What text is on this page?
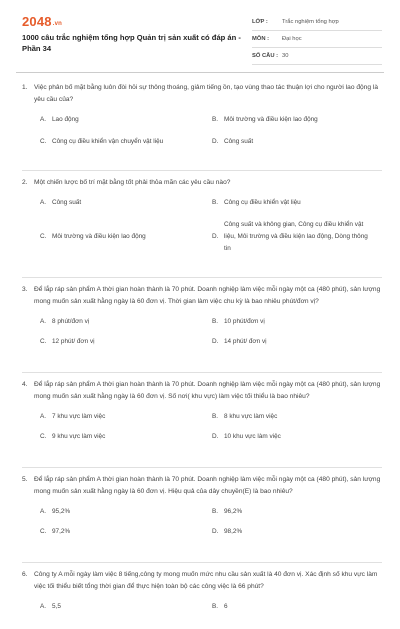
2048.vn
1000 câu trắc nghiệm tổng hợp Quản trị sản xuất có đáp án - Phần 34
LỚP :	Trắc nghiệm tổng hợp
MÔN :	Đại học
SỐ CÂU : 30
1. Việc phân bố mặt bằng luôn đòi hỏi sự thông thoáng, giảm tiếng ồn, tạo vùng thao tác thuận lợi cho người lao động là yêu cầu của?
A. Lao động	B. Môi trường và điều kiện lao động
C. Công cụ điều khiển vận chuyển vật liệu	D. Công suất
2. Một chiến lược bố trí mặt bằng tốt phải thỏa mãn các yêu cầu nào?
A. Công suất	B. Công cụ điều khiển vật liệu
C. Môi trường và điều kiện lao động	D.
Công suất và không gian, Công cụ điều khiển vật liệu, Môi trường và điều kiện lao động, Dòng thông tin
3. Để lắp ráp sản phẩm A thời gian hoàn thành là 70 phút. Doanh nghiệp làm việc mỗi ngày một ca (480 phút), sản lượng mong muốn sản xuất hằng ngày là 60 đơn vị. Thời gian làm việc chu kỳ là bao nhiêu phút/đơn vị?
A. 8 phút/đơn vị	B. 10 phút/đơn vị
C. 12 phút/ đơn vị	D. 14 phút/ đơn vị
4. Để lắp ráp sản phẩm A thời gian hoàn thành là 70 phút. Doanh nghiệp làm việc mỗi ngày một ca (480 phút), sản lượng mong muốn sản xuất hằng ngày là 60 đơn vị. Số nơi( khu vực) làm việc tối thiểu là bao nhiêu?
A. 7 khu vực làm việc	B. 8 khu vực làm việc
C. 9 khu vực làm việc	D. 10 khu vực làm việc
5. Để lắp ráp sản phẩm A thời gian hoàn thành là 70 phút. Doanh nghiệp làm việc mỗi ngày một ca (480 phút), sản lượng mong muốn sản xuất hằng ngày là 60 đơn vị. Hiệu quả của dây chuyền(E) là bao nhiêu?
A. 95,2%	B. 96,2%
C. 97,2%	D. 98,2%
6. Công ty A mỗi ngày làm việc 8 tiếng,công ty mong muốn mức nhu cầu sản xuất là 40 đơn vị. Xác định số khu vực làm việc tối thiểu biết tổng thời gian để thực hiện toàn bộ các công việc là 66 phút?
A. 5,5	B. 6
